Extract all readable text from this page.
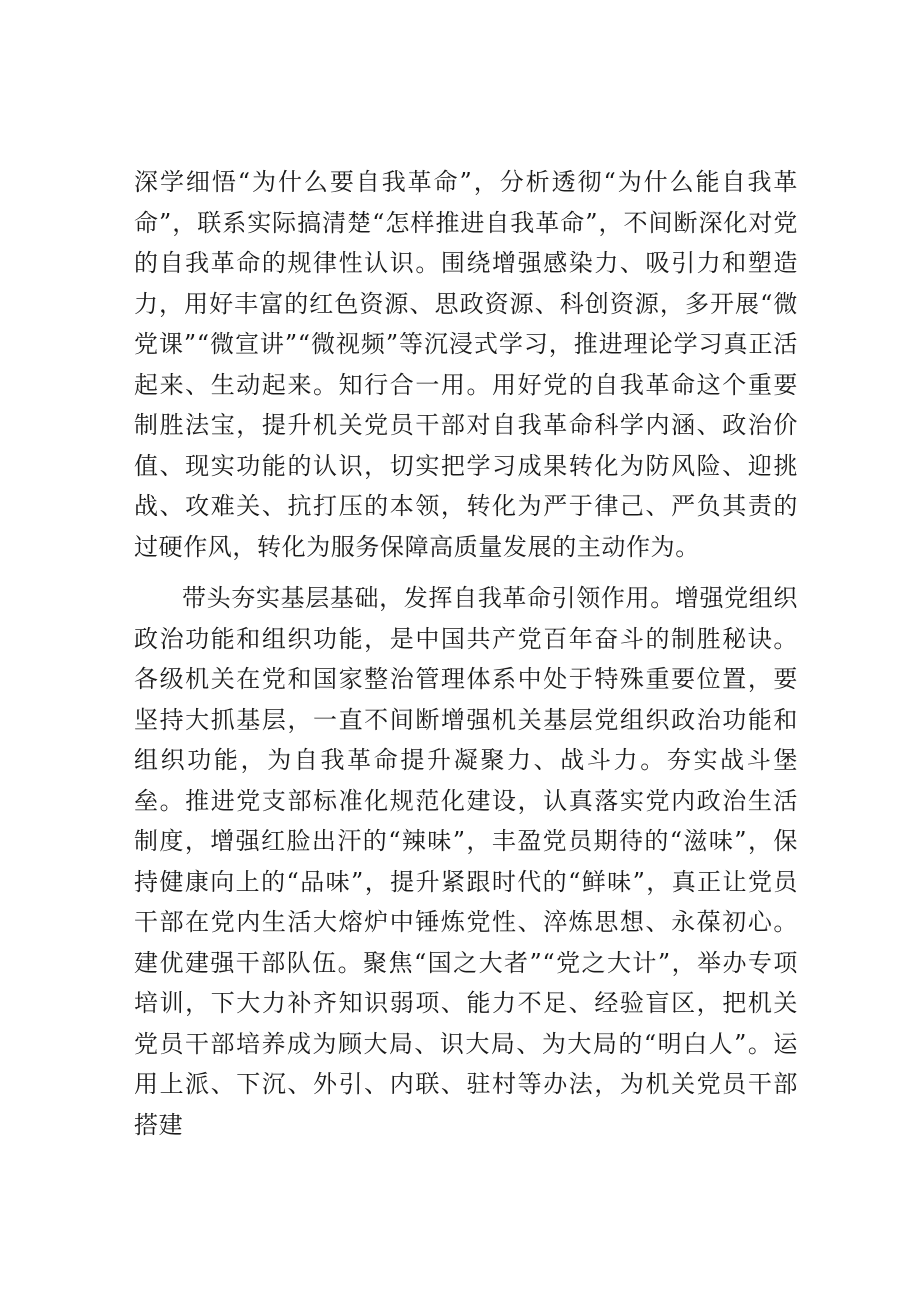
深学细悟“为什么要自我革命”，分析透彻“为什么能自我革命”，联系实际搞清楚“怎样推进自我革命”，不间断深化对党的自我革命的规律性认识。围绕增强感染力、吸引力和塑造力，用好丰富的红色资源、思政资源、科创资源，多开展“微党课”“微宣讲”“微视频”等沉浸式学习，推进理论学习真正活起来、生动起来。知行合一用。用好党的自我革命这个重要制胜法宝，提升机关党员干部对自我革命科学内涵、政治价值、现实功能的认识，切实把学习成果转化为防风险、迎挑战、攻难关、抗打压的本领，转化为严于律己、严负其责的过硬作风，转化为服务保障高质量发展的主动作为。

带头夯实基层基础，发挥自我革命引领作用。增强党组织政治功能和组织功能，是中国共产党百年奋斗的制胜秘诀。各级机关在党和国家整治管理体系中处于特殊重要位置，要坚持大抓基层，一直不间断增强机关基层党组织政治功能和组织功能，为自我革命提升凝聚力、战斗力。夯实战斗堡垒。推进党支部标准化规范化建设，认真落实党内政治生活制度，增强红脸出汗的“辣味”，丰盈党员期待的“滋味”，保持健康向上的“品味”，提升紧跟时代的“鲜味”，真正让党员干部在党内生活大熔炉中锤炼党性、淬炼思想、永葆初心。建优建强干部队伍。聚焦“国之大者”“党之大计”，举办专项培训，下大力补齐知识弱项、能力不足、经验盲区，把机关党员干部培养成为顾大局、识大局、为大局的“明白人”。运用上派、下沉、外引、内联、驻村等办法，为机关党员干部搭建
